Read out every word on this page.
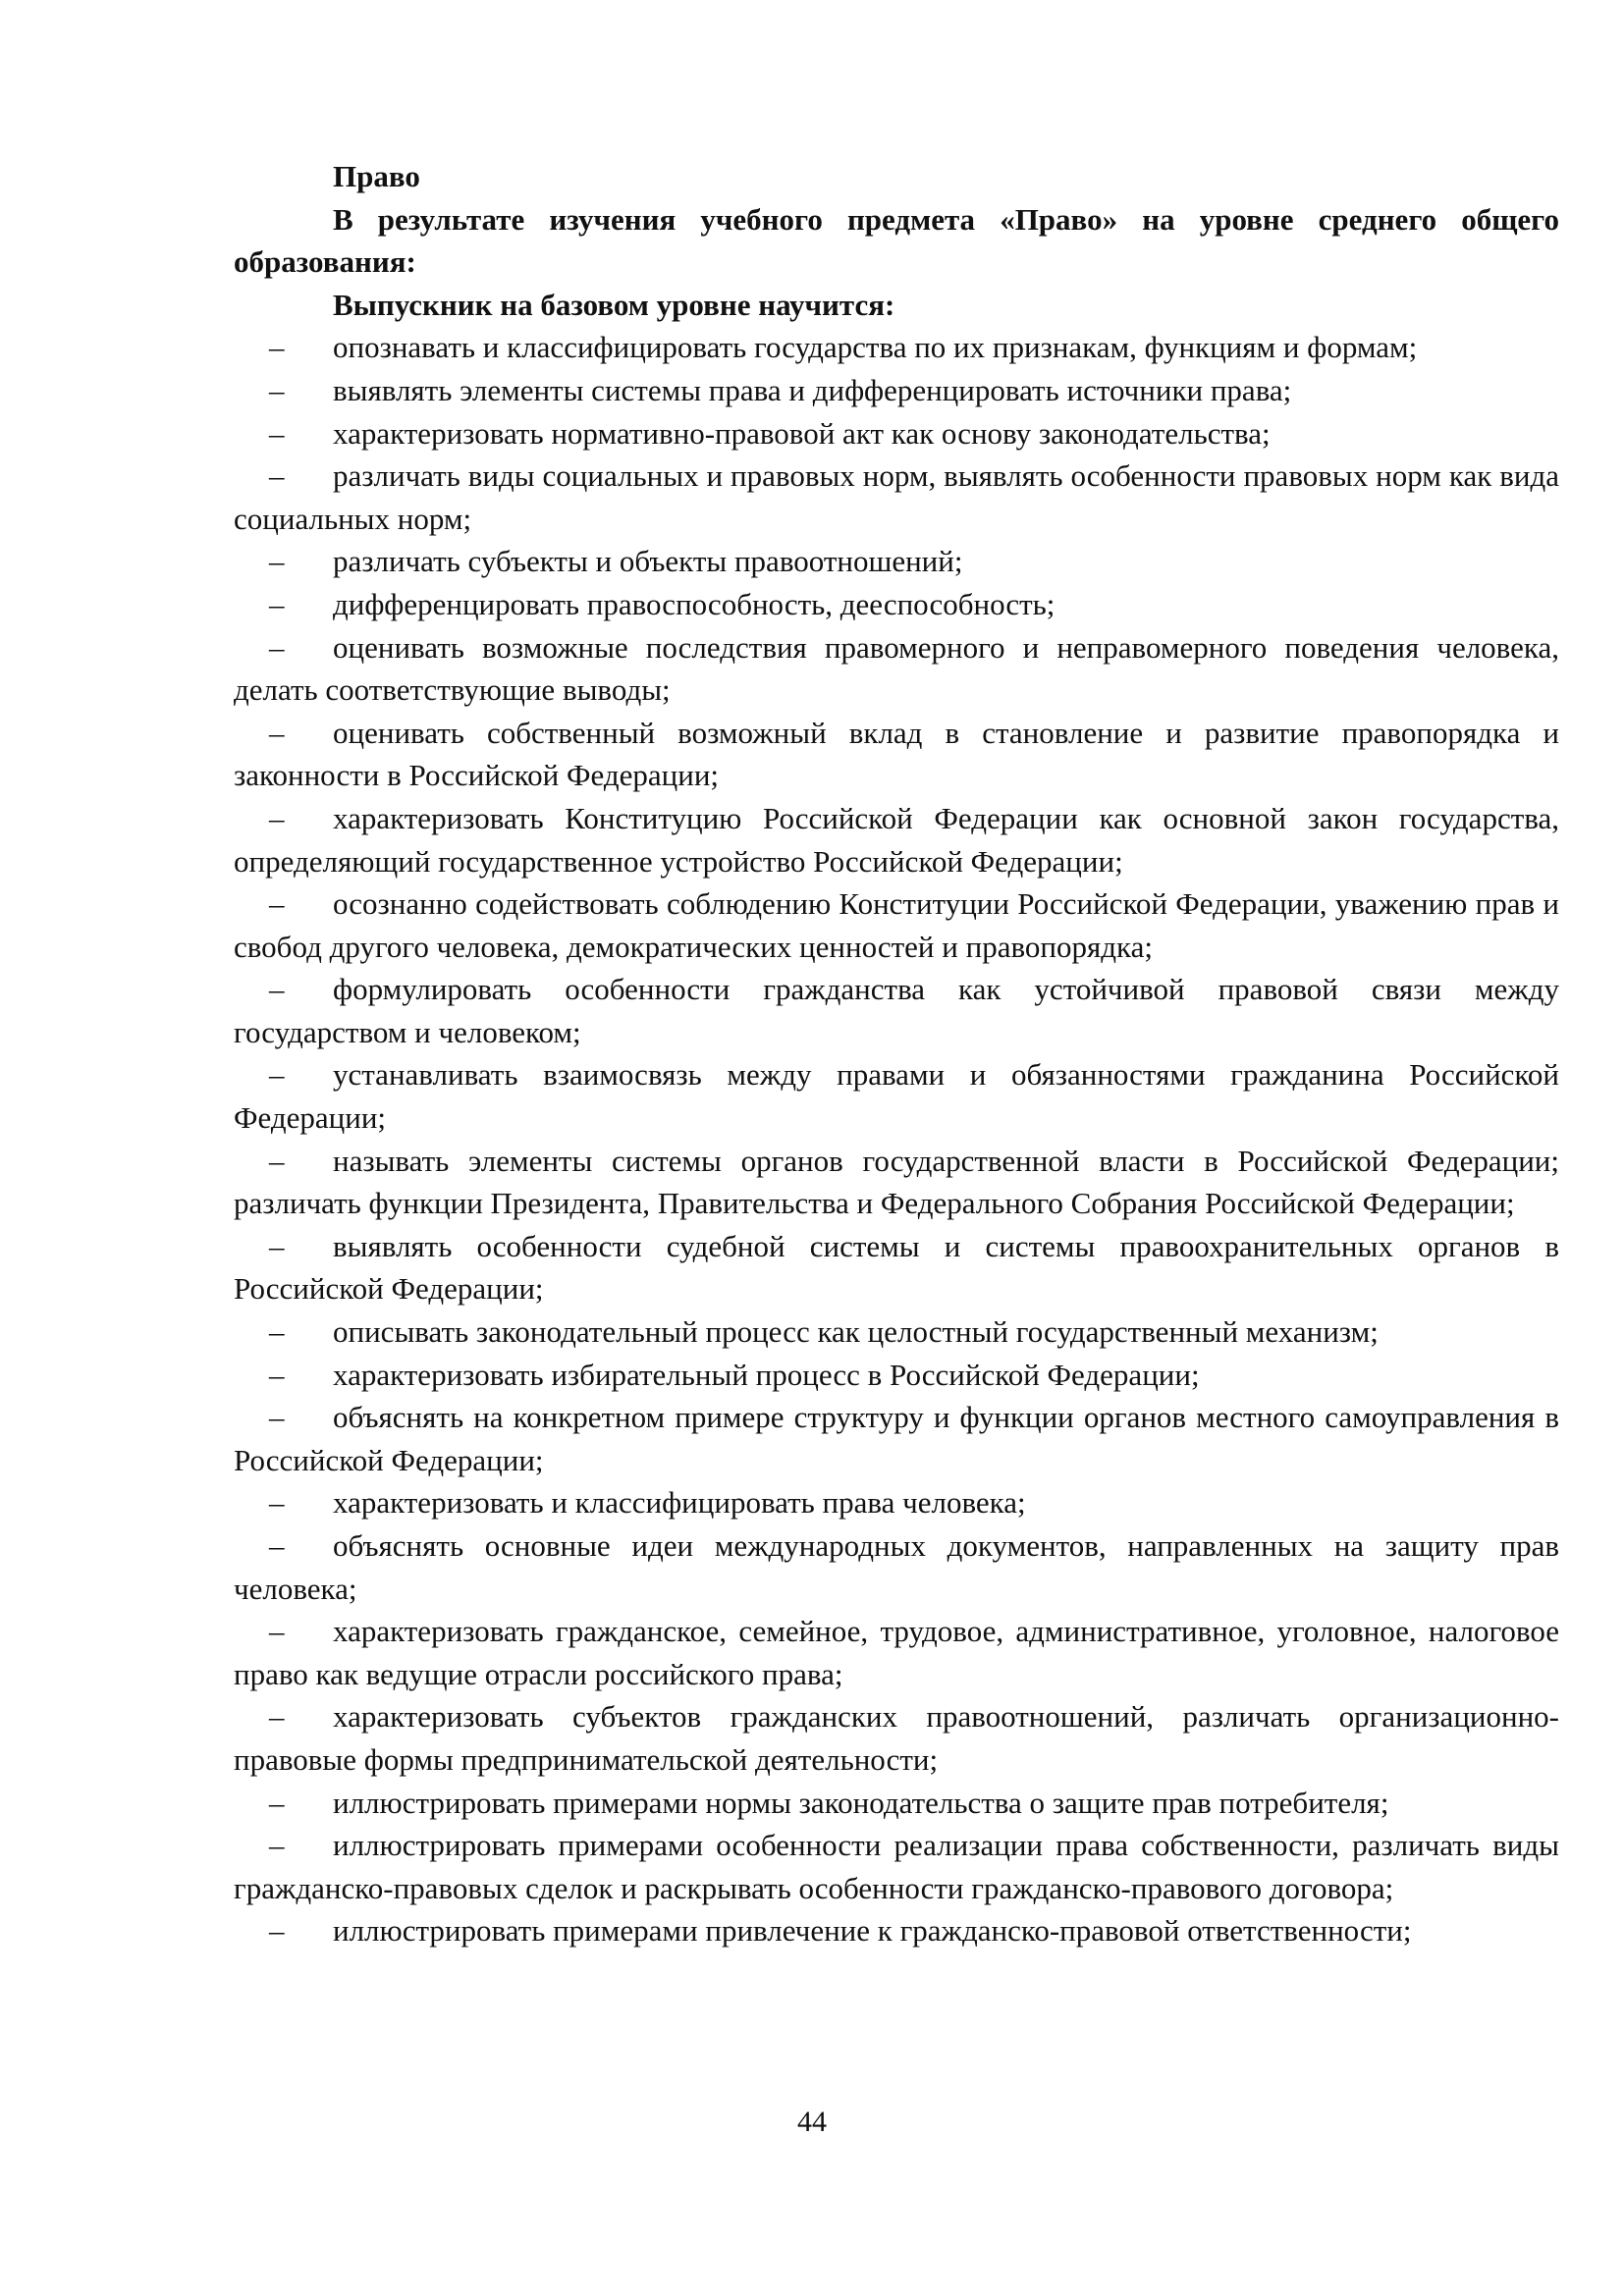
Право

В результате изучения учебного предмета «Право» на уровне среднего общего образования:

Выпускник на базовом уровне научится:

– опознавать и классифицировать государства по их признакам, функциям и формам;
– выявлять элементы системы права и дифференцировать источники права;
– характеризовать нормативно-правовой акт как основу законодательства;
– различать виды социальных и правовых норм, выявлять особенности правовых норм как вида социальных норм;
– различать субъекты и объекты правоотношений;
– дифференцировать правоспособность, дееспособность;
– оценивать возможные последствия правомерного и неправомерного поведения человека, делать соответствующие выводы;
– оценивать собственный возможный вклад в становление и развитие правопорядка и законности в Российской Федерации;
– характеризовать Конституцию Российской Федерации как основной закон государства, определяющий государственное устройство Российской Федерации;
– осознанно содействовать соблюдению Конституции Российской Федерации, уважению прав и свобод другого человека, демократических ценностей и правопорядка;
– формулировать особенности гражданства как устойчивой правовой связи между государством и человеком;
– устанавливать взаимосвязь между правами и обязанностями гражданина Российской Федерации;
– называть элементы системы органов государственной власти в Российской Федерации; различать функции Президента, Правительства и Федерального Собрания Российской Федерации;
– выявлять особенности судебной системы и системы правоохранительных органов в Российской Федерации;
– описывать законодательный процесс как целостный государственный механизм;
– характеризовать избирательный процесс в Российской Федерации;
– объяснять на конкретном примере структуру и функции органов местного самоуправления в Российской Федерации;
– характеризовать и классифицировать права человека;
– объяснять основные идеи международных документов, направленных на защиту прав человека;
– характеризовать гражданское, семейное, трудовое, административное, уголовное, налоговое право как ведущие отрасли российского права;
– характеризовать субъектов гражданских правоотношений, различать организационно-правовые формы предпринимательской деятельности;
– иллюстрировать примерами нормы законодательства о защите прав потребителя;
– иллюстрировать примерами особенности реализации права собственности, различать виды гражданско-правовых сделок и раскрывать особенности гражданско-правового договора;
– иллюстрировать примерами привлечение к гражданско-правовой ответственности;
44
